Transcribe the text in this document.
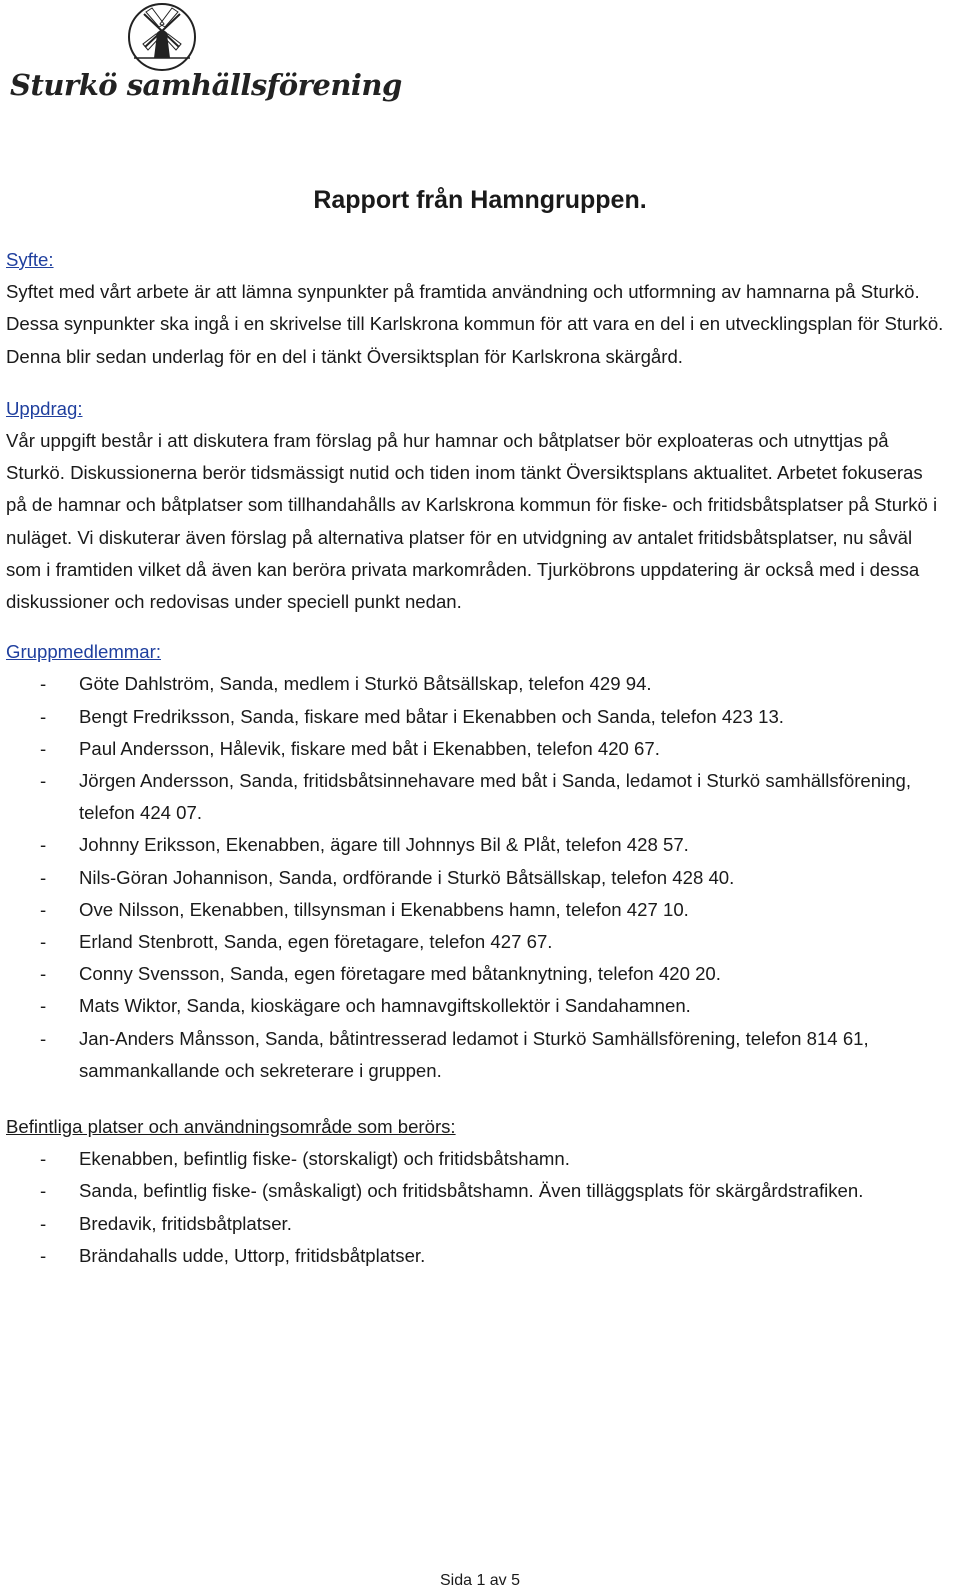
Sturkö samhällsförening
Rapport från Hamngruppen.
Syfte:

Syftet med vårt arbete är att lämna synpunkter på framtida användning och utformning av hamnarna på Sturkö. Dessa synpunkter ska ingå i en skrivelse till Karlskrona kommun för att vara en del i en utvecklingsplan för Sturkö. Denna blir sedan underlag för en del i tänkt Översiktsplan för Karlskrona skärgård.

Uppdrag:

Vår uppgift består i att diskutera fram förslag på hur hamnar och båtplatser bör exploateras och utnyttjas på Sturkö. Diskussionerna berör tidsmässigt nutid och tiden inom tänkt Översiktsplans aktualitet. Arbetet fokuseras på de hamnar och båtplatser som tillhandahålls av Karlskrona kommun för fiske- och fritidsbåtsplatser på Sturkö i nuläget. Vi diskuterar även förslag på alternativa platser för en utvidgning av antalet fritidsbåtsplatser, nu såväl som i framtiden vilket då även kan beröra privata markområden. Tjurköbrons uppdatering är också med i dessa diskussioner och redovisas under speciell punkt nedan.

Gruppmedlemmar:
- Göte Dahlström, Sanda, medlem i Sturkö Båtsällskap, telefon 429 94.
- Bengt Fredriksson, Sanda, fiskare med båtar i Ekenabben och Sanda, telefon 423 13.
- Paul Andersson, Hålevik, fiskare med båt i Ekenabben, telefon 420 67.
- Jörgen Andersson, Sanda, fritidsbåtsinnehavare med båt i Sanda, ledamot i Sturkö samhällsförening, telefon 424 07.
- Johnny Eriksson, Ekenabben, ägare till Johnnys Bil & Plåt, telefon 428 57.
- Nils-Göran Johannison, Sanda, ordförande i Sturkö Båtsällskap, telefon 428 40.
- Ove Nilsson, Ekenabben, tillsynsman i Ekenabbens hamn, telefon 427 10.
- Erland Stenbrott, Sanda, egen företagare, telefon 427 67.
- Conny Svensson, Sanda, egen företagare med båtanknytning, telefon 420 20.
- Mats Wiktor, Sanda, kioskägare och hamnavgiftskollektör i Sandahamnen.
- Jan-Anders Månsson, Sanda, båtintresserad ledamot i Sturkö Samhällsförening, telefon 814 61, sammankallande och sekreterare i gruppen.
Befintliga platser och användningsområde som berörs:
- Ekenabben, befintlig fiske- (storskaligt) och fritidsbåtshamn.
- Sanda, befintlig fiske- (småskaligt) och fritidsbåtshamn. Även tilläggsplats för skärgårdstrafiken.
- Bredavik, fritidsbåtplatser.
- Brändahalls udde, Uttorp, fritidsbåtplatser.
Sida 1 av 5
